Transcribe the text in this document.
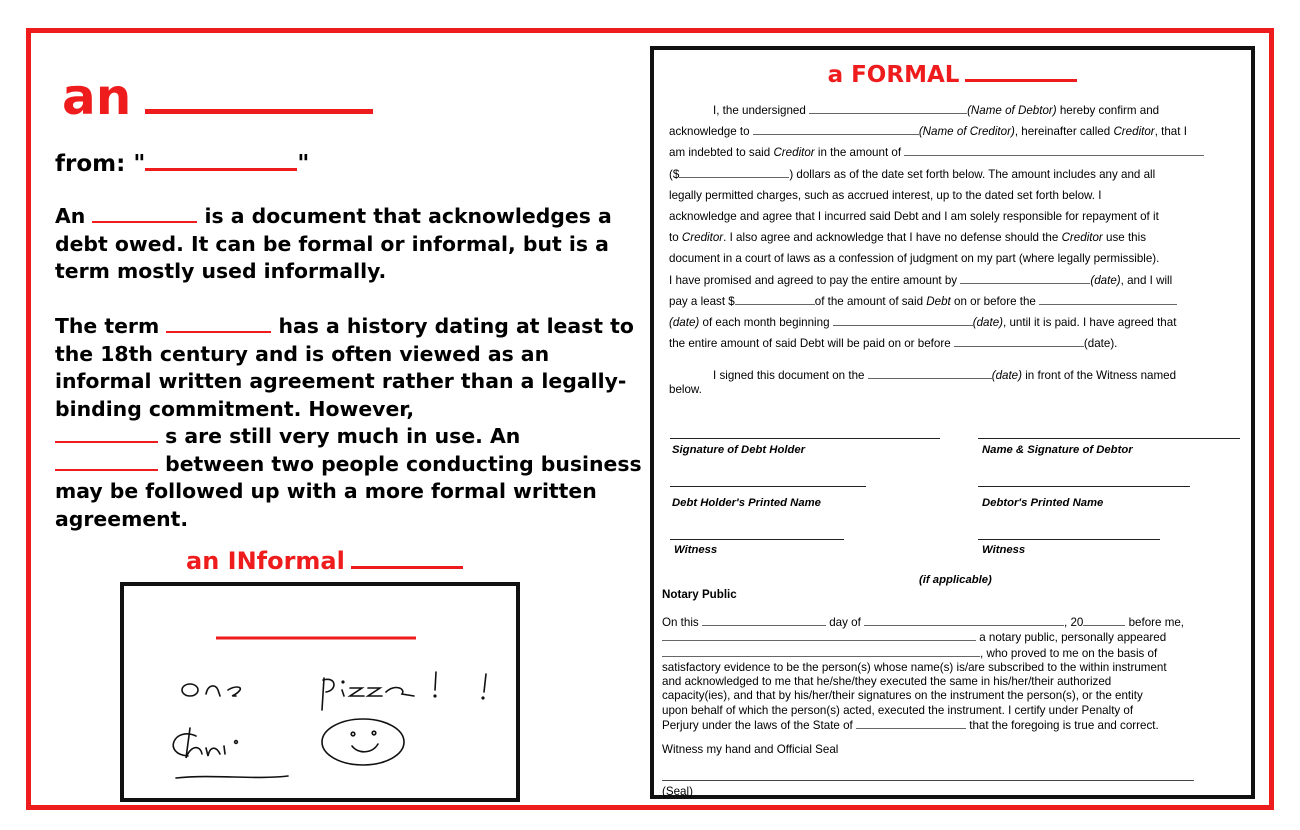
an
from: "	"
An	is a document that acknowledges a debt owed. It can be formal or informal, but is a term mostly used informally.
The term	has a history dating at least to the 18th century and is often viewed as an informal written agreement rather than a legally-binding commitment. However,
s are still very much in use. An
between two people conducting business may be followed up with a more formal written agreement.
an INformal
a FORMAL

I, the undersigned	(Name of Debtor) hereby confirm and

acknowledge to	(Name of Creditor), hereinafter called Creditor, that I

am indebted to said Creditor in the amount of

($	) dollars as of the date set forth below. The amount includes any and all

legally permitted charges, such as accrued interest, up to the dated set forth below. I

acknowledge and agree that I incurred said Debt and I am solely responsible for repayment of it

to Creditor. I also agree and acknowledge that I have no defense should the Creditor use this

document in a court of laws as a confession of judgment on my part (where legally permissible).

I have promised and agreed to pay the entire amount by	(date), and I will

pay a least $	of the amount of said Debt on or before the

(date) of each month beginning	(date), until it is paid. I have agreed that

the entire amount of said Debt will be paid on or before	(date).

I signed this document on the	(date) in front of the Witness named

below.

Signature of Debt Holder	Name & Signature of Debtor
Debt Holder's Printed Name	Debtor's Printed Name
Witness	Witness
(if applicable)
Notary Public

On this	day of	, 20	before me,

a notary public, personally appeared

, who proved to me on the basis of

satisfactory evidence to be the person(s) whose name(s) is/are subscribed to the within instrument

and acknowledged to me that he/she/they executed the same in his/her/their authorized

capacity(ies), and that by his/her/their signatures on the instrument the person(s), or the entity

upon behalf of which the person(s) acted, executed the instrument. I certify under Penalty of

Perjury under the laws of the State of	that the foregoing is true and correct.

Witness my hand and Official Seal
(Seal)
